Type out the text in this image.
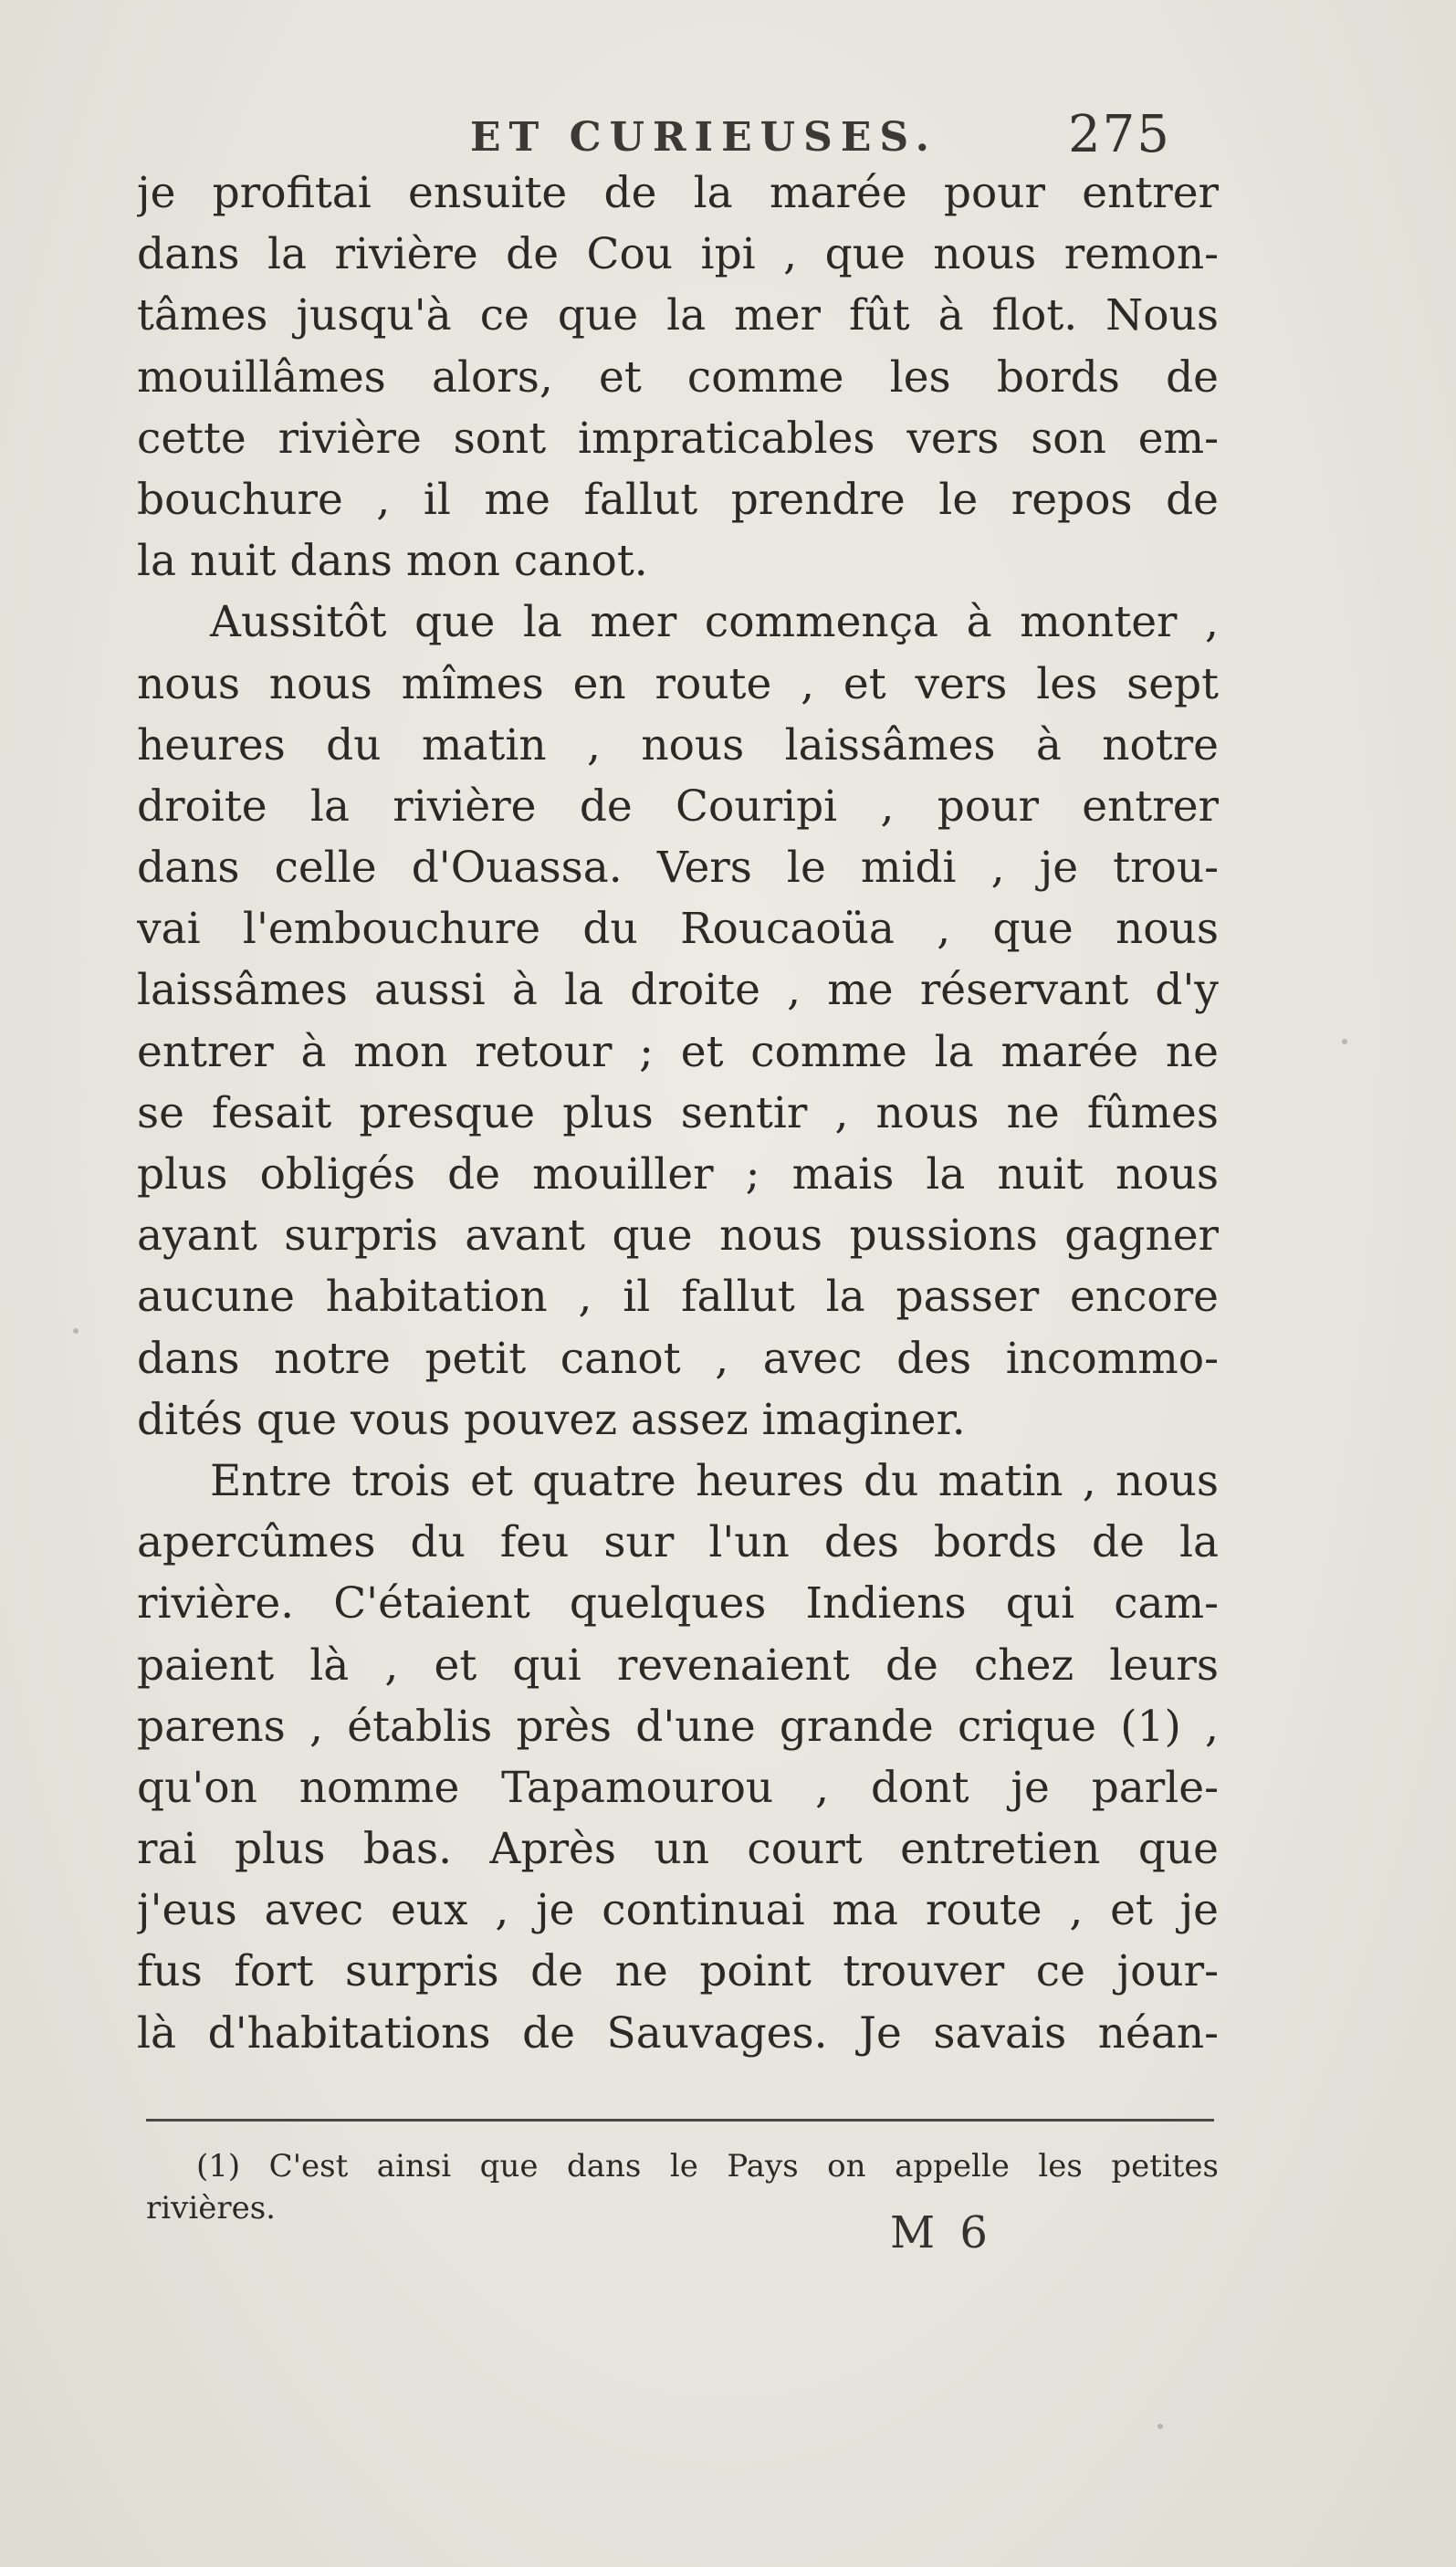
ET CURIEUSES.	275
je profitai ensuite de la marée pour entrer
dans la rivière de Cou ipi , que nous remon-
tâmes jusqu'à ce que la mer fût à flot. Nous
mouillâmes alors, et comme les bords de
cette rivière sont impraticables vers son em-
bouchure , il me fallut prendre le repos de
la nuit dans mon canot.
Aussitôt que la mer commença à monter ,
nous nous mîmes en route , et vers les sept
heures du matin , nous laissâmes à notre
droite la rivière de Couripi , pour entrer
dans celle d'Ouassa. Vers le midi , je trou-
vai l'embouchure du Roucaoüa , que nous
laissâmes aussi à la droite , me réservant d'y
entrer à mon retour ; et comme la marée ne
se fesait presque plus sentir , nous ne fûmes
plus obligés de mouiller ; mais la nuit nous
ayant surpris avant que nous pussions gagner
aucune habitation , il fallut la passer encore
dans notre petit canot , avec des incommo-
dités que vous pouvez assez imaginer.
Entre trois et quatre heures du matin , nous
apercûmes du feu sur l'un des bords de la
rivière. C'étaient quelques Indiens qui cam-
paient là , et qui revenaient de chez leurs
parens , établis près d'une grande crique (1) ,
qu'on nomme Tapamourou , dont je parle-
rai plus bas. Après un court entretien que
j'eus avec eux , je continuai ma route , et je
fus fort surpris de ne point trouver ce jour-
là d'habitations de Sauvages. Je savais néan-
(1) C'est ainsi que dans le Pays on appelle les petites
rivières.	M 6
